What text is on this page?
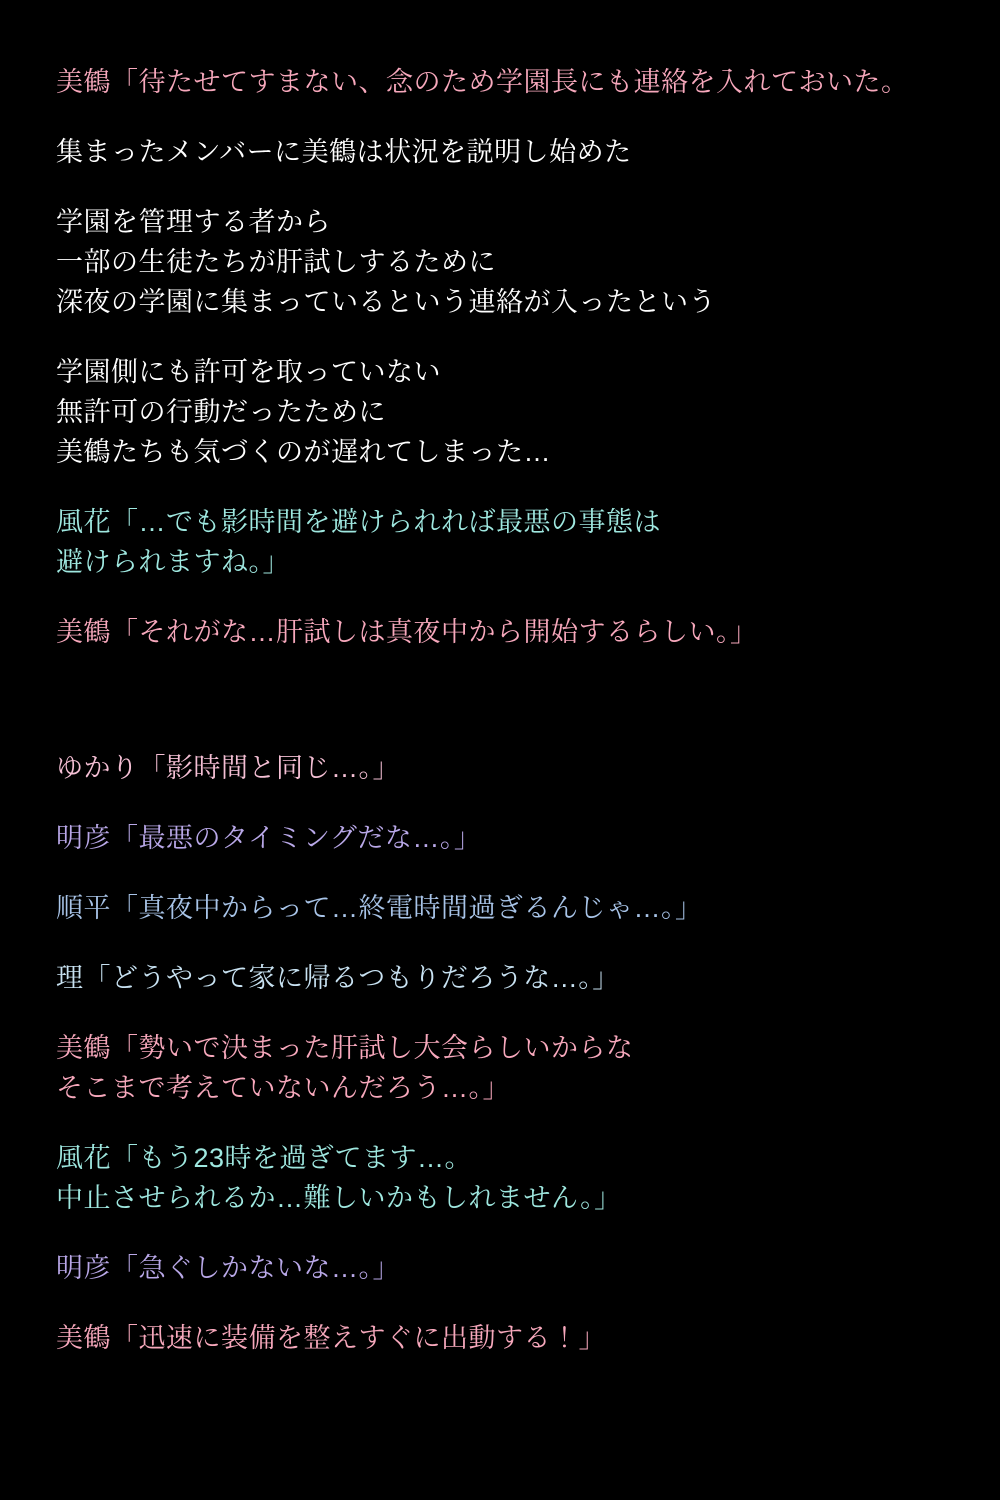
美鶴「待たせてすまない、念のため学園長にも連絡を入れておいた。
集まったメンバーに美鶴は状況を説明し始めた
学園を管理する者から
一部の生徒たちが肝試しするために
深夜の学園に集まっているという連絡が入ったという
学園側にも許可を取っていない
無許可の行動だったために
美鶴たちも気づくのが遅れてしまった…
風花「…でも影時間を避けられれば最悪の事態は
避けられますね。」
美鶴「それがな…肝試しは真夜中から開始するらしい。」
ゆかり「影時間と同じ…。」
明彦「最悪のタイミングだな…。」
順平「真夜中からって…終電時間過ぎるんじゃ…。」
理「どうやって家に帰るつもりだろうな…。」
美鶴「勢いで決まった肝試し大会らしいからな
そこまで考えていないんだろう…。」
風花「もう23時を過ぎてます…。
中止させられるか…難しいかもしれません。」
明彦「急ぐしかないな…。」
美鶴「迅速に装備を整えすぐに出動する！」
